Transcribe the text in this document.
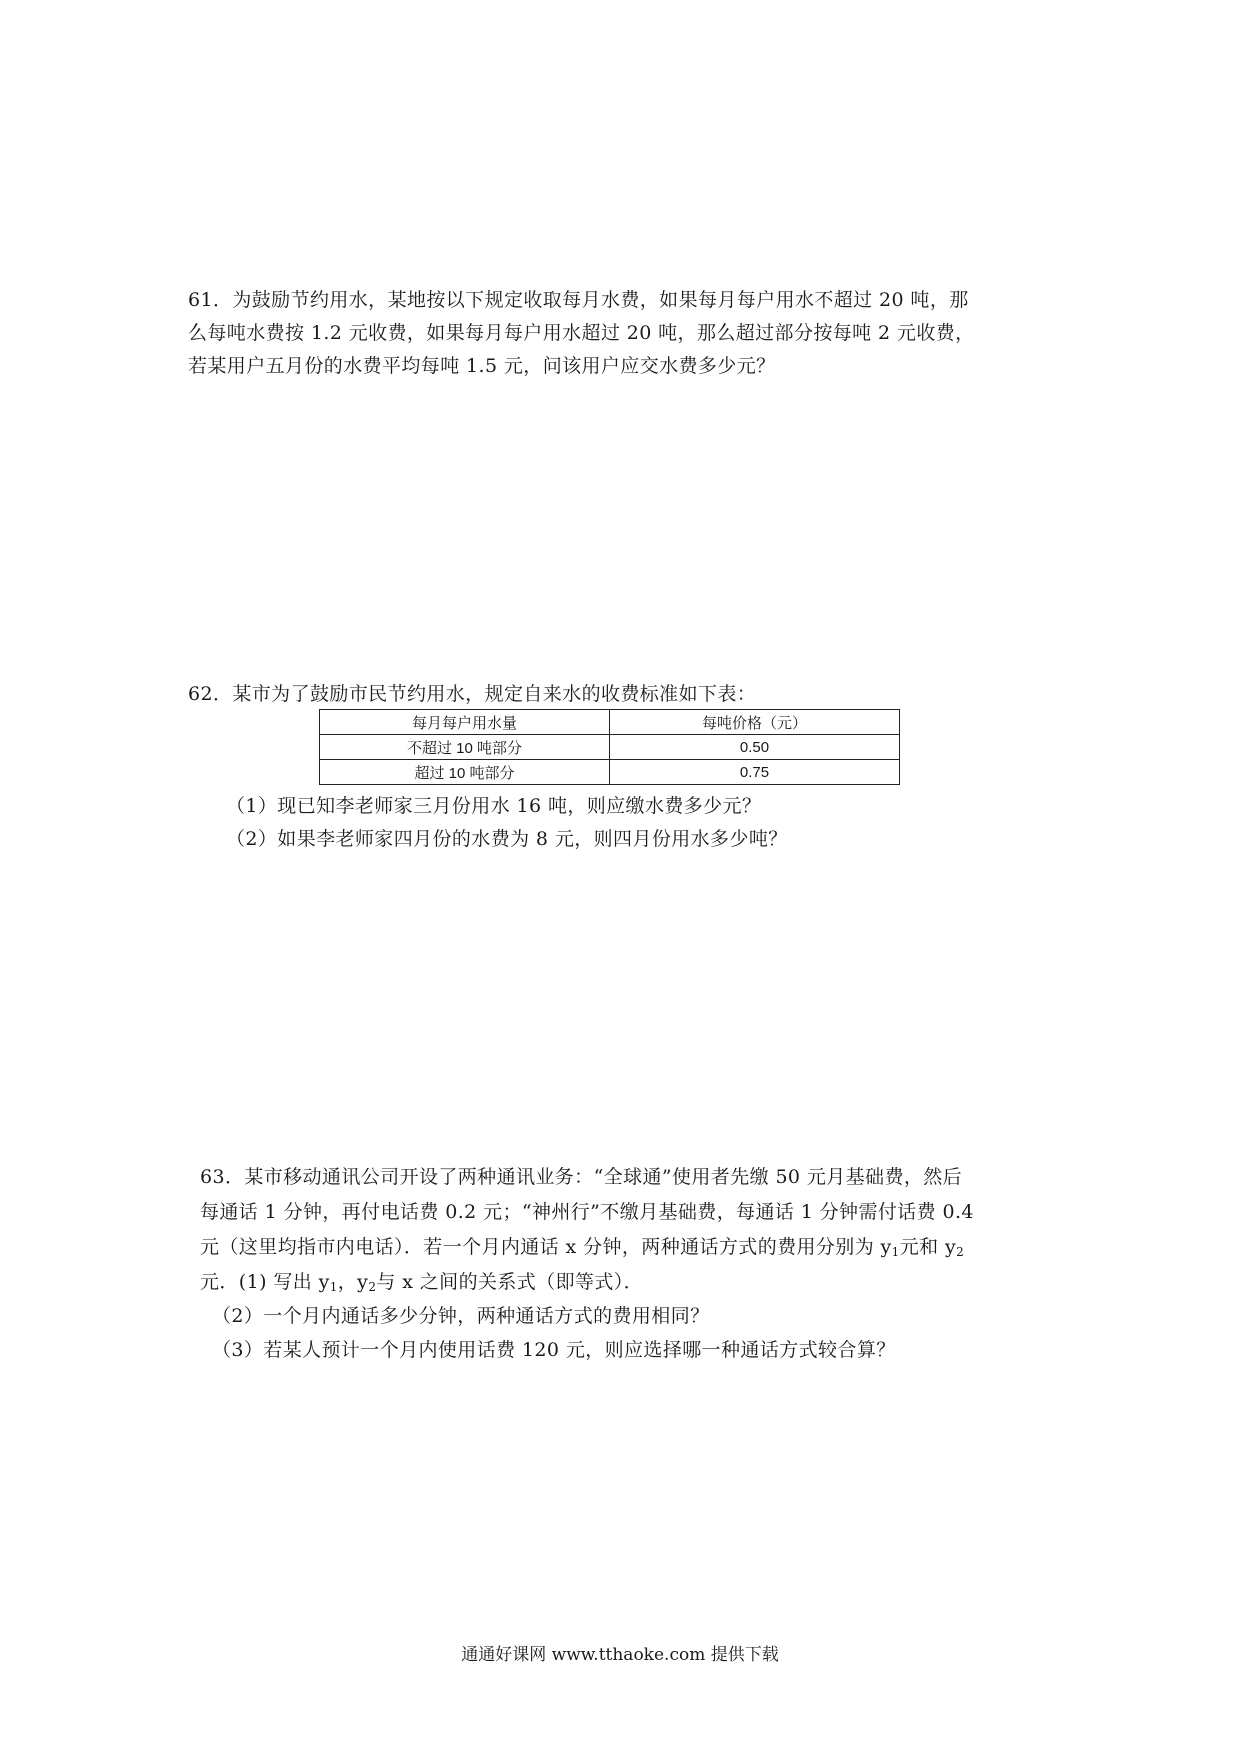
61．为鼓励节约用水，某地按以下规定收取每月水费，如果每月每户用水不超过 20 吨，那
么每吨水费按 1.2 元收费，如果每月每户用水超过 20 吨，那么超过部分按每吨 2 元收费，
若某用户五月份的水费平均每吨 1.5 元，问该用户应交水费多少元？
62．某市为了鼓励市民节约用水，规定自来水的收费标准如下表：
每月每户用水量	每吨价格（元）
不超过 10 吨部分	0.50
超过 10 吨部分	0.75
（1）现已知李老师家三月份用水 16 吨，则应缴水费多少元？
（2）如果李老师家四月份的水费为 8 元，则四月份用水多少吨？
63．某市移动通讯公司开设了两种通讯业务：“全球通”使用者先缴 50 元月基础费，然后
每通话 1 分钟，再付电话费 0.2 元；“神州行”不缴月基础费，每通话 1 分钟需付话费 0.4
元（这里均指市内电话）．若一个月内通话 x 分钟，两种通话方式的费用分别为 $y_1$元和 $y_2$
元．(1) 写出 $y_1$，$y_2$与 x 之间的关系式（即等式）．
（2）一个月内通话多少分钟，两种通话方式的费用相同？
（3）若某人预计一个月内使用话费 120 元，则应选择哪一种通话方式较合算？
通通好课网 www.tthaoke.com 提供下载
